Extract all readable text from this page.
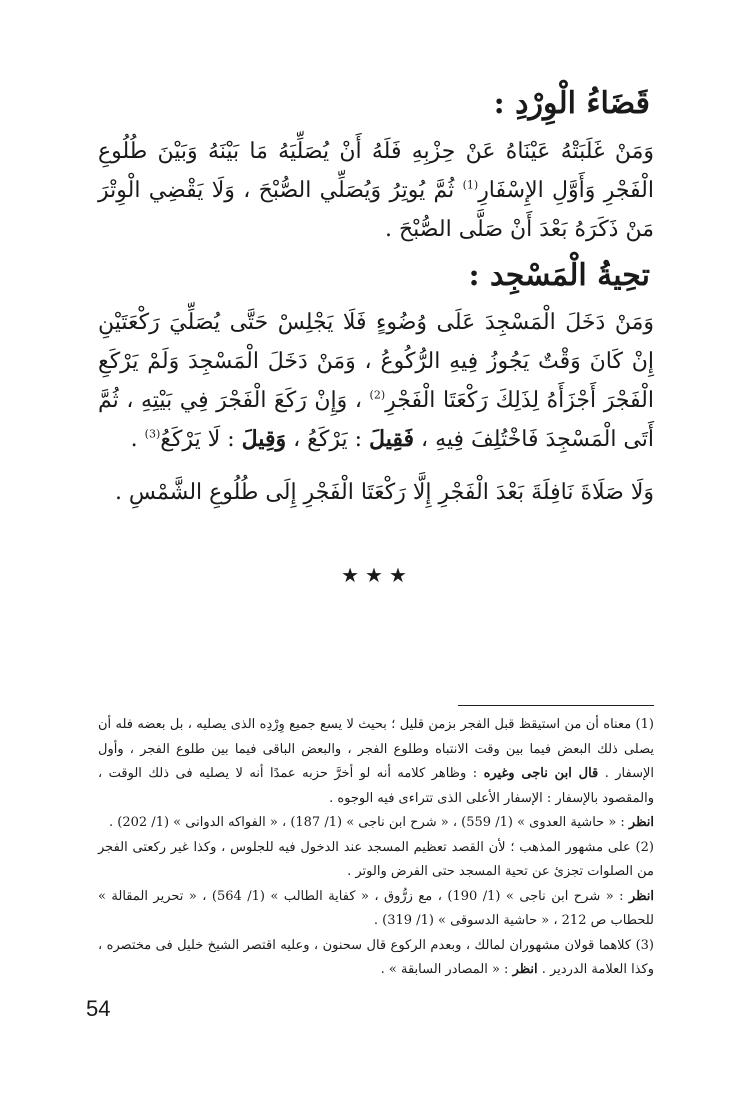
قَضَاءُ الْوِرْدِ :

وَمَنْ غَلَبَتْهُ عَيْنَاهُ عَنْ حِزْبِهِ فَلَهُ أَنْ يُصَلِّيَهُ مَا بَيْنَهُ وَبَيْنَ طُلُوعِ الْفَجْرِ وَأَوَّلِ الإِسْفَارِ$^{(1)}$ ثُمَّ يُوتِرُ وَيُصَلِّي الصُّبْحَ ، وَلَا يَقْضِي الْوِتْرَ مَنْ ذَكَرَهُ بَعْدَ أَنْ صَلَّى الصُّبْحَ .

تحِيةُ الْمَسْجِد :

وَمَنْ دَخَلَ الْمَسْجِدَ عَلَى وُضُوءٍ فَلَا يَجْلِسْ حَتَّى يُصَلِّيَ رَكْعَتَيْنِ إِنْ كَانَ وَقْتٌ يَجُوزُ فِيهِ الرُّكُوعُ ، وَمَنْ دَخَلَ الْمَسْجِدَ وَلَمْ يَرْكَعِ الْفَجْرَ أَجْزَأَهُ لِذَلِكَ رَكْعَتَا الْفَجْرِ$^{(2)}$ ، وَإِنْ رَكَعَ الْفَجْرَ فِي بَيْتِهِ ، ثُمَّ أَتَى الْمَسْجِدَ فَاخْتُلِفَ فِيهِ ، فَقِيلَ : يَرْكَعُ ، وَقِيلَ : لَا يَرْكَعُ$^{(3)}$ .

وَلَا صَلَاةَ نَافِلَةَ بَعْدَ الْفَجْرِ إِلَّا رَكْعَتَا الْفَجْرِ إِلَى طُلُوعِ الشَّمْسِ .

★★★

(1) معناه أن من استيقظ قبل الفجر بزمن قليل ؛ بحيث لا يسع جميع وِرْدِه الذى يصليه ، بل بعضه فله أن يصلى ذلك البعض فيما بين وقت الانتباه وطلوع الفجر ، والبعض الباقى فيما بين طلوع الفجر ، وأول الإسفار . قال ابن ناجى وغيره : وظاهر كلامه أنه لو أخرَّ حزبه عمدًا أنه لا يصليه فى ذلك الوقت ، والمقصود بالإسفار : الإسفار الأعلى الذى تتراءى فيه الوجوه .

انظر : « حاشية العدوى » (1/ 559) ، « شرح ابن ناجى » (1/ 187) ، « الفواكه الدوانى » (1/ 202) .

(2) على مشهور المذهب ؛ لأن القصد تعظيم المسجد عند الدخول فيه للجلوس ، وكذا غير ركعتى الفجر من الصلوات تجزئ عن تحية المسجد حتى الفرض والوتر .

انظر : « شرح ابن ناجى » (1/ 190) ، مع زرُّوق ، « كفاية الطالب » (1/ 564) ، « تحرير المقالة » للحطاب ص 212 ، « حاشية الدسوقى » (1/ 319) .

(3) كلاهما قولان مشهوران لمالك ، وبعدم الركوع قال سحنون ، وعليه اقتصر الشيخ خليل فى مختصره ، وكذا العلامة الدردير . انظر : « المصادر السابقة » .

54
